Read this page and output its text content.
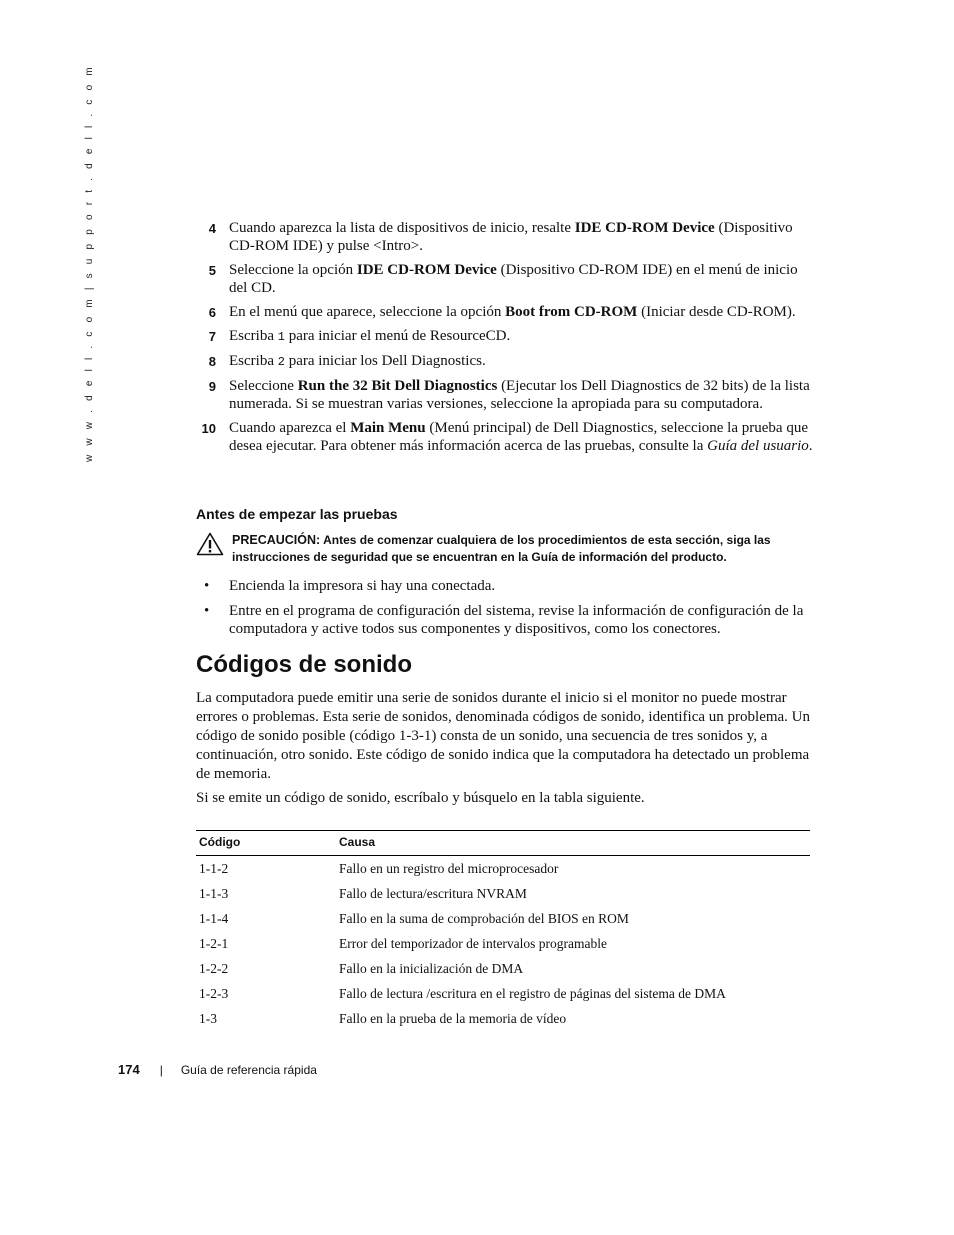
w w w . d e l l . c o m | s u p p o r t . d e l l . c o m	4 Cuando aparezca la lista de dispositivos de inicio, resalte IDE CD-ROM Device (Dispositivo CD-ROM IDE) y pulse <Intro>.
5 Seleccione la opción IDE CD-ROM Device (Dispositivo CD-ROM IDE) en el menú de inicio del CD.
6 En el menú que aparece, seleccione la opción Boot from CD-ROM (Iniciar desde CD-ROM).
7 Escriba 1 para iniciar el menú de ResourceCD.
8 Escriba 2 para iniciar los Dell Diagnostics.
9 Seleccione Run the 32 Bit Dell Diagnostics (Ejecutar los Dell Diagnostics de 32 bits) de la lista numerada. Si se muestran varias versiones, seleccione la apropiada para su computadora.
10 Cuando aparezca el Main Menu (Menú principal) de Dell Diagnostics, seleccione la prueba que desea ejecutar. Para obtener más información acerca de las pruebas, consulte la Guía del usuario.
Antes de empezar las pruebas
PRECAUCIÓN: Antes de comenzar cualquiera de los procedimientos de esta sección, siga las instrucciones de seguridad que se encuentran en la Guía de información del producto.
• Encienda la impresora si hay una conectada.
• Entre en el programa de configuración del sistema, revise la información de configuración de la computadora y active todos sus componentes y dispositivos, como los conectores.
Códigos de sonido
La computadora puede emitir una serie de sonidos durante el inicio si el monitor no puede mostrar errores o problemas. Esta serie de sonidos, denominada códigos de sonido, identifica un problema. Un código de sonido posible (código 1-3-1) consta de un sonido, una secuencia de tres sonidos y, a continuación, otro sonido. Este código de sonido indica que la computadora ha detectado un problema de memoria.
Si se emite un código de sonido, escríbalo y búsquelo en la tabla siguiente.
Código	Causa
1-1-2	Fallo en un registro del microprocesador
1-1-3	Fallo de lectura/escritura NVRAM
1-1-4	Fallo en la suma de comprobación del BIOS en ROM
1-2-1	Error del temporizador de intervalos programable
1-2-2	Fallo en la inicialización de DMA
1-2-3	Fallo de lectura /escritura en el registro de páginas del sistema de DMA
1-3	Fallo en la prueba de la memoria de vídeo
174 | Guía de referencia rápida
